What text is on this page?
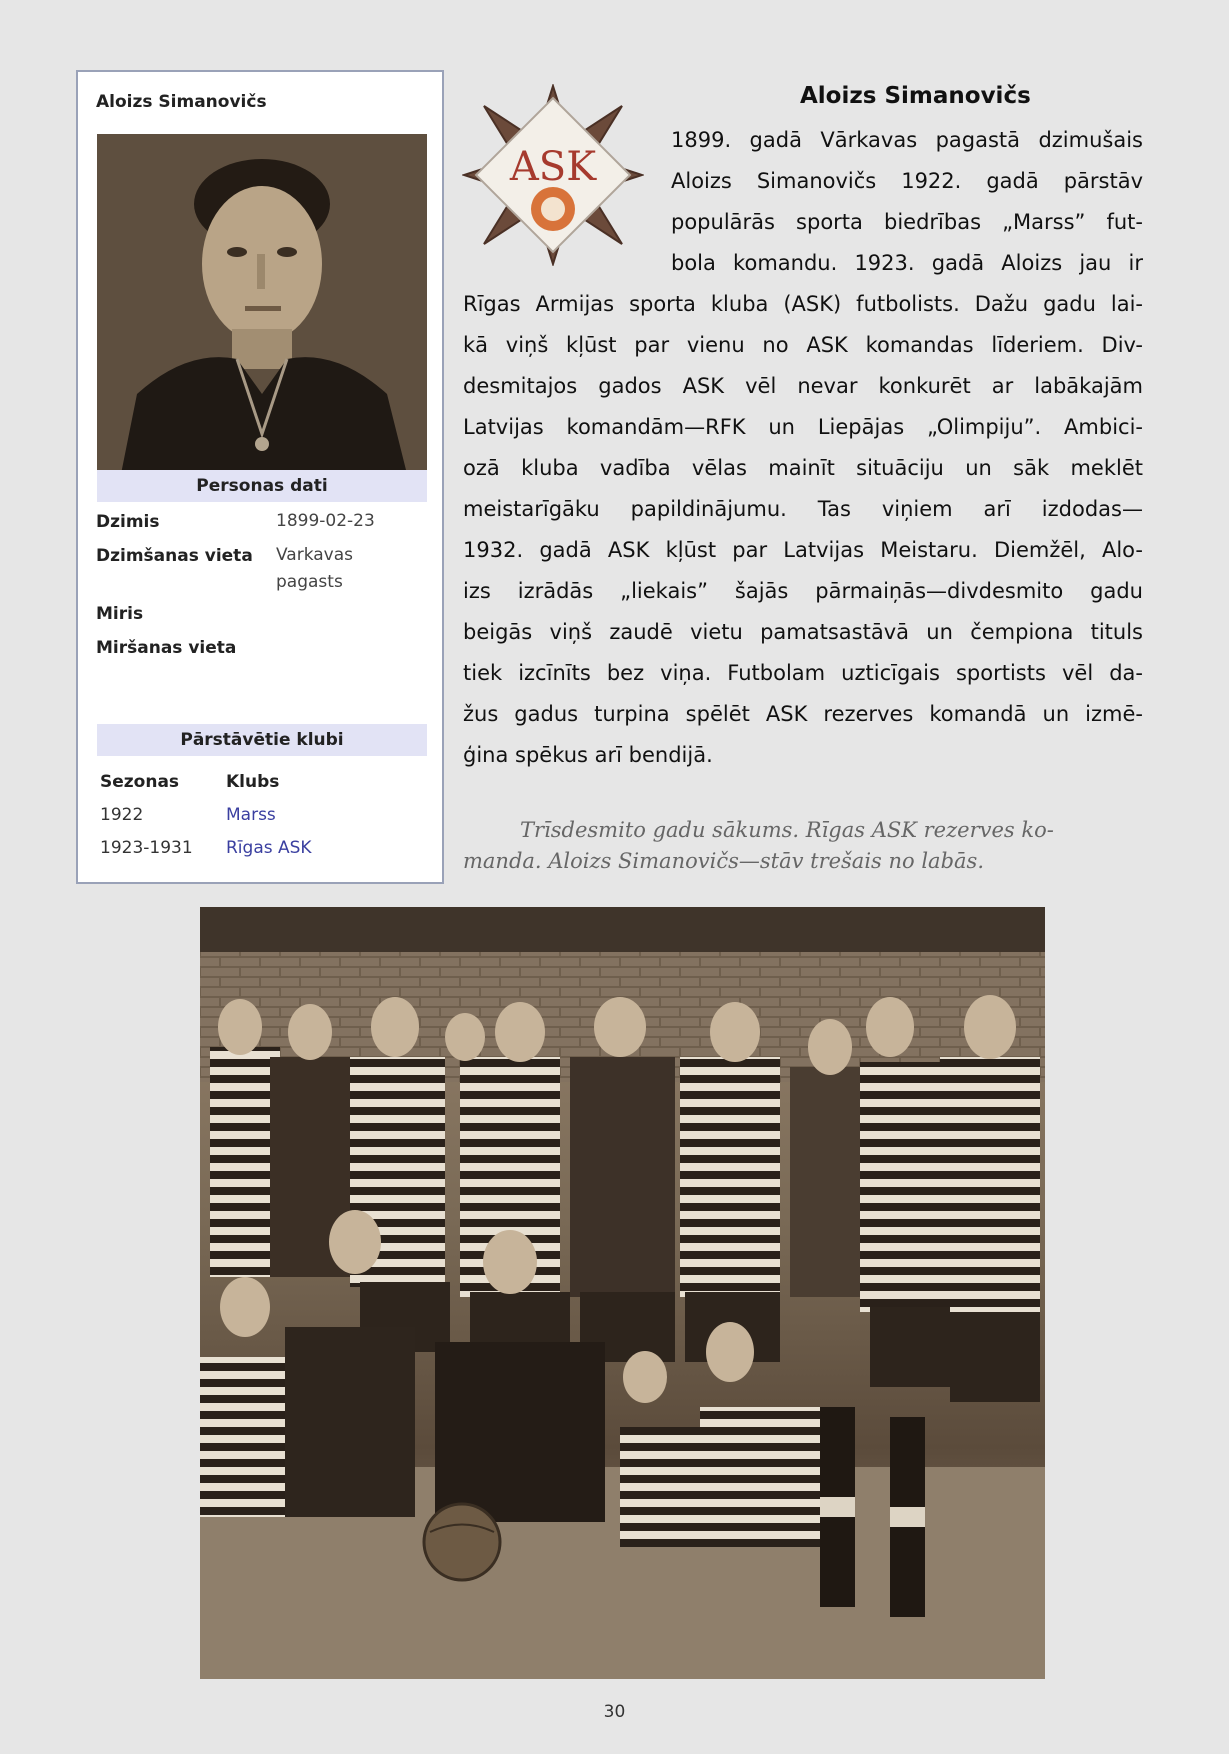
Aloizs Simanovičs
Personas dati
Dzimis	1899-02-23
Dzimšanas vieta Varkavas
pagasts
Miris
Miršanas vieta
Pārstāvētie klubi
Sezonas	Klubs
1922	Marss
1923-1931 Rīgas ASK
ASK
Aloizs Simanovičs
1899. gadā Vārkavas pagastā dzimušais
Aloizs Simanovičs 1922. gadā pārstāv
populārās sporta biedrības „Marss” fut-
bola komandu. 1923. gadā Aloizs jau ir
Rīgas Armijas sporta kluba (ASK) futbolists. Dažu gadu lai-
kā viņš kļūst par vienu no ASK komandas līderiem. Div-
desmitajos gados ASK vēl nevar konkurēt ar labākajām
Latvijas komandām—RFK un Liepājas „Olimpiju”. Ambici-
ozā kluba vadība vēlas mainīt situāciju un sāk meklēt
meistarīgāku papildinājumu. Tas viņiem arī izdodas—
1932. gadā ASK kļūst par Latvijas Meistaru. Diemžēl, Alo-
izs izrādās „liekais” šajās pārmaiņās—divdesmito gadu
beigās viņš zaudē vietu pamatsastāvā un čempiona tituls
tiek izcīnīts bez viņa. Futbolam uzticīgais sportists vēl da-
žus gadus turpina spēlēt ASK rezerves komandā un izmē-
ģina spēkus arī bendijā.
Trīsdesmito gadu sākums. Rīgas ASK rezerves ko-
manda. Aloizs Simanovičs—stāv trešais no labās.
30
